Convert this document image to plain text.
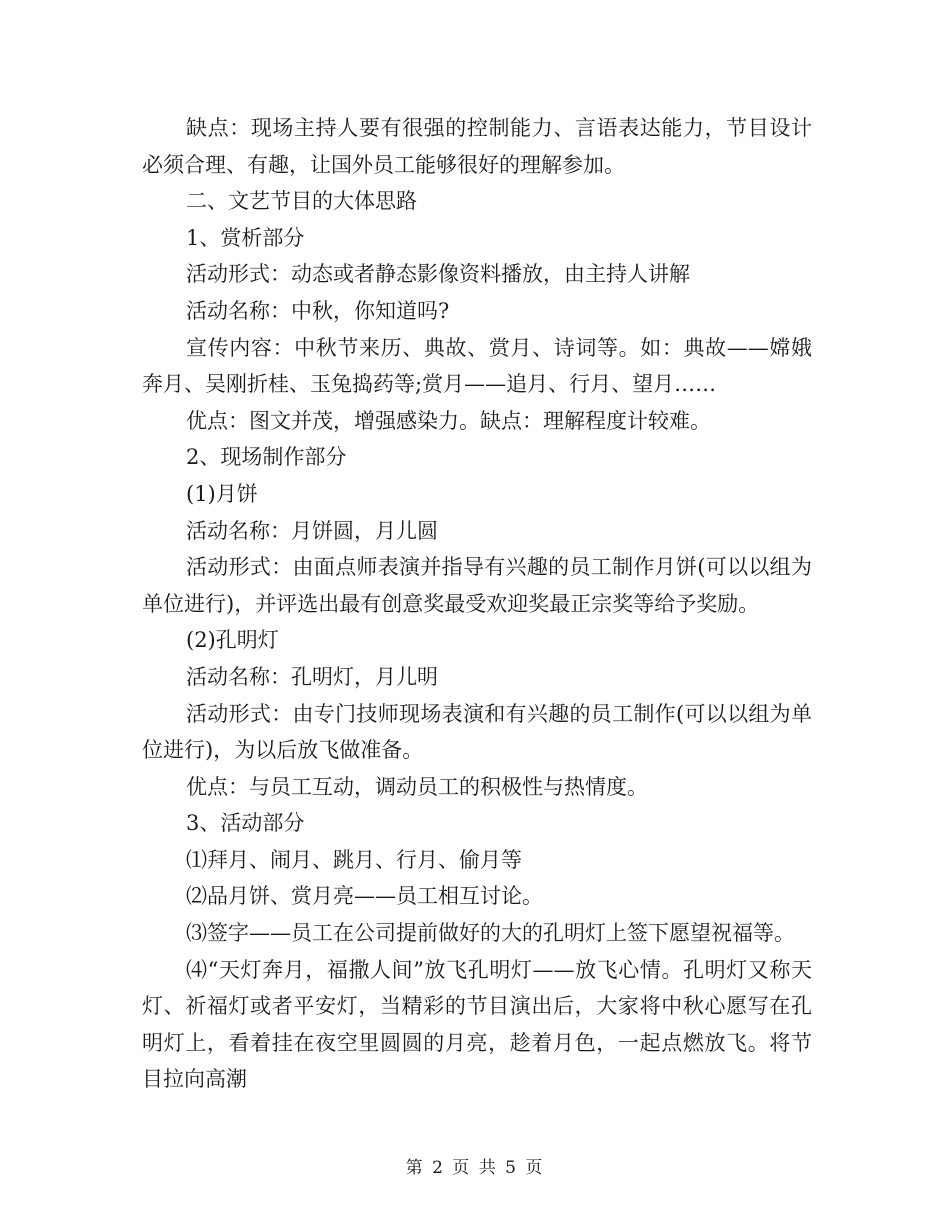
缺点：现场主持人要有很强的控制能力、言语表达能力，节目设计必须合理、有趣，让国外员工能够很好的理解参加。

二、文艺节目的大体思路

1、赏析部分

活动形式：动态或者静态影像资料播放，由主持人讲解

活动名称：中秋，你知道吗?

宣传内容：中秋节来历、典故、赏月、诗词等。如：典故——嫦娥奔月、吴刚折桂、玉兔捣药等;赏月——追月、行月、望月……

优点：图文并茂，增强感染力。缺点：理解程度计较难。

2、现场制作部分

(1)月饼

活动名称：月饼圆，月儿圆

活动形式：由面点师表演并指导有兴趣的员工制作月饼(可以以组为单位进行)，并评选出最有创意奖最受欢迎奖最正宗奖等给予奖励。

(2)孔明灯

活动名称：孔明灯，月儿明

活动形式：由专门技师现场表演和有兴趣的员工制作(可以以组为单位进行)，为以后放飞做准备。

优点：与员工互动，调动员工的积极性与热情度。

3、活动部分

⑴拜月、闹月、跳月、行月、偷月等

⑵品月饼、赏月亮——员工相互讨论。

⑶签字——员工在公司提前做好的大的孔明灯上签下愿望祝福等。

⑷“天灯奔月，福撒人间”放飞孔明灯——放飞心情。孔明灯又称天灯、祈福灯或者平安灯，当精彩的节目演出后，大家将中秋心愿写在孔明灯上，看着挂在夜空里圆圆的月亮，趁着月色，一起点燃放飞。将节目拉向高潮

第 2 页 共 5 页
